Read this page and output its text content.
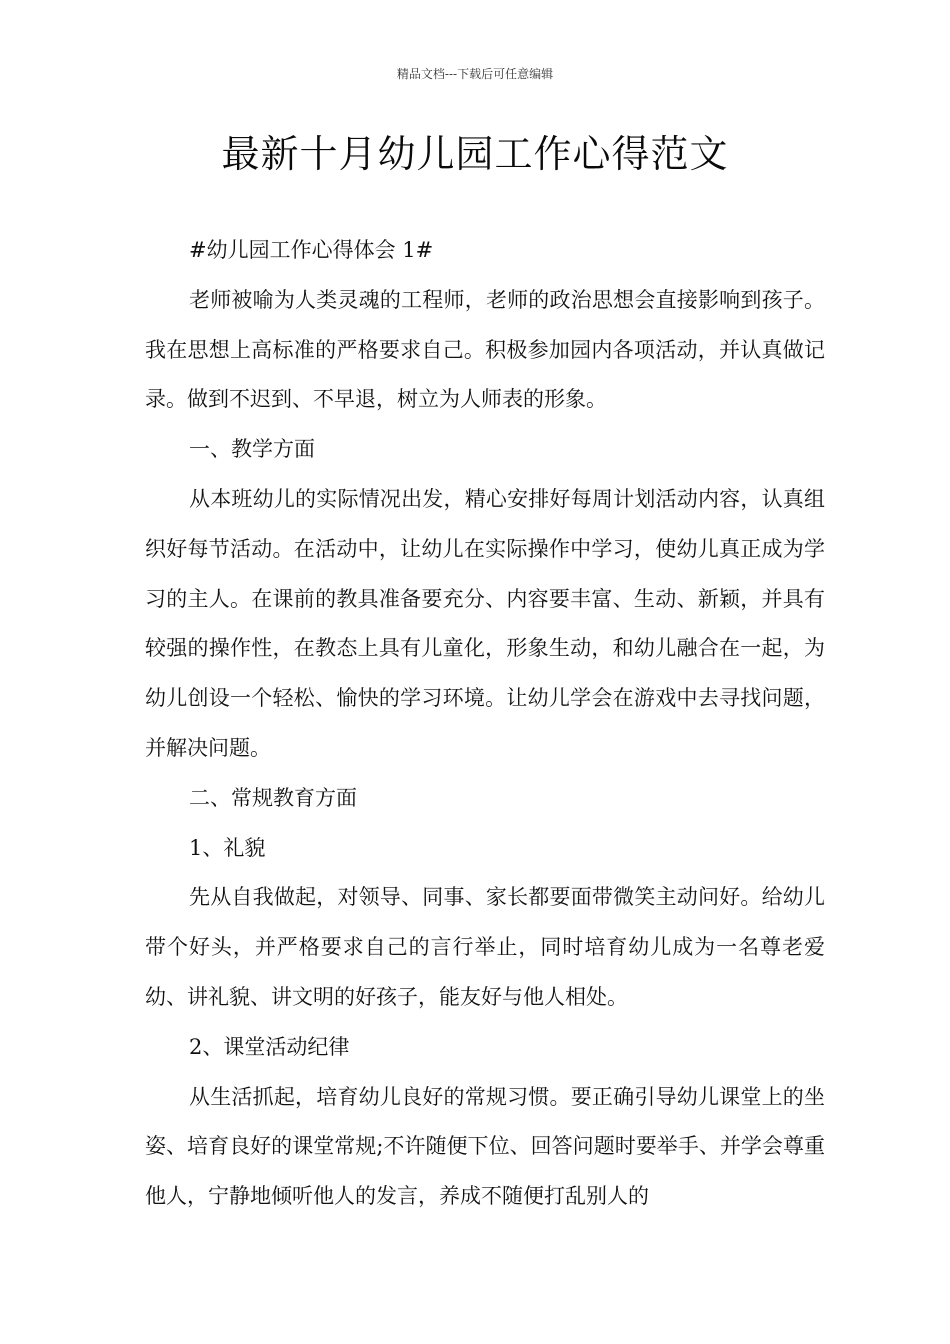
精品文档---下载后可任意编辑
最新十月幼儿园工作心得范文

#幼儿园工作心得体会 1#

老师被喻为人类灵魂的工程师，老师的政治思想会直接影响到孩子。我在思想上高标准的严格要求自己。积极参加园内各项活动，并认真做记录。做到不迟到、不早退，树立为人师表的形象。

一、教学方面

从本班幼儿的实际情况出发，精心安排好每周计划活动内容，认真组织好每节活动。在活动中，让幼儿在实际操作中学习，使幼儿真正成为学习的主人。在课前的教具准备要充分、内容要丰富、生动、新颖，并具有较强的操作性，在教态上具有儿童化，形象生动，和幼儿融合在一起，为幼儿创设一个轻松、愉快的学习环境。让幼儿学会在游戏中去寻找问题，并解决问题。

二、常规教育方面

1、礼貌

先从自我做起，对领导、同事、家长都要面带微笑主动问好。给幼儿带个好头，并严格要求自己的言行举止，同时培育幼儿成为一名尊老爱幼、讲礼貌、讲文明的好孩子，能友好与他人相处。

2、课堂活动纪律

从生活抓起，培育幼儿良好的常规习惯。要正确引导幼儿课堂上的坐姿、培育良好的课堂常规;不许随便下位、回答问题时要举手、并学会尊重他人，宁静地倾听他人的发言，养成不随便打乱别人的
